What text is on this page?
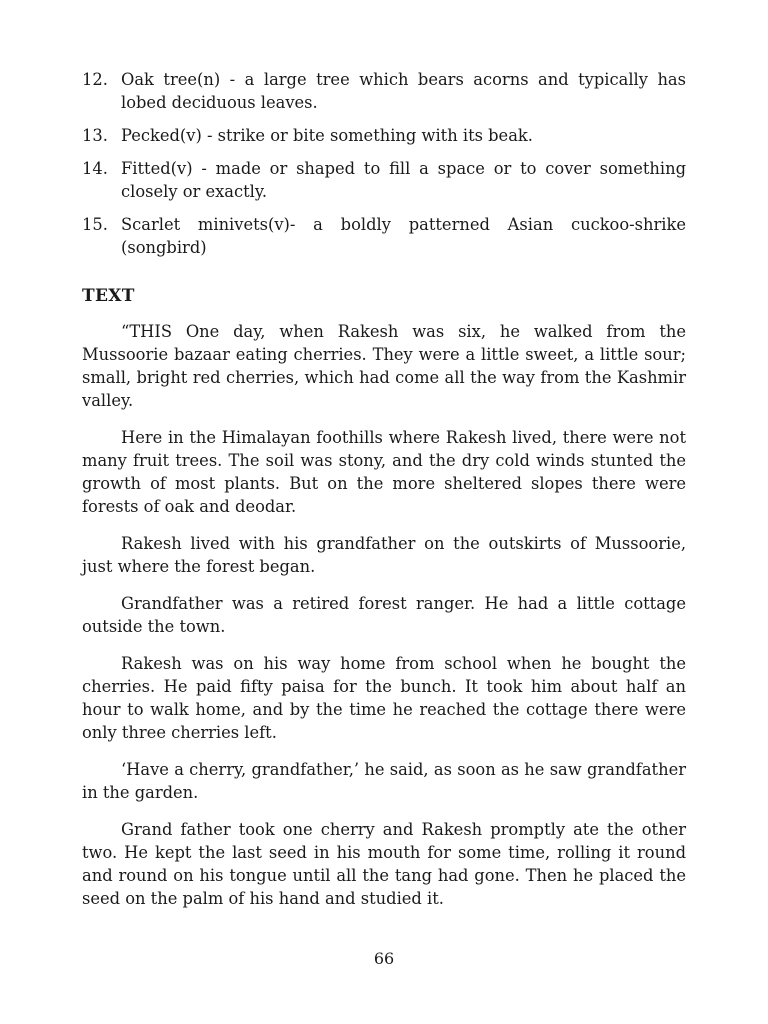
12. Oak tree(n) - a large tree which bears acorns and typically has lobed deciduous leaves.
13. Pecked(v) - strike or bite something with its beak.
14. Fitted(v) - made or shaped to fill a space or to cover something closely or exactly.
15. Scarlet minivets(v)- a boldly patterned Asian cuckoo-shrike (songbird)
TEXT

“THIS One day, when Rakesh was six, he walked from the Mussoorie bazaar eating cherries. They were a little sweet, a little sour; small, bright red cherries, which had come all the way from the Kashmir valley.

Here in the Himalayan foothills where Rakesh lived, there were not many fruit trees. The soil was stony, and the dry cold winds stunted the growth of most plants. But on the more sheltered slopes there were forests of oak and deodar.

Rakesh lived with his grandfather on the outskirts of Mussoorie, just where the forest began.

Grandfather was a retired forest ranger. He had a little cottage outside the town.

Rakesh was on his way home from school when he bought the cherries. He paid fifty paisa for the bunch. It took him about half an hour to walk home, and by the time he reached the cottage there were only three cherries left.

‘Have a cherry, grandfather,’ he said, as soon as he saw grandfather in the garden.

Grand father took one cherry and Rakesh promptly ate the other two. He kept the last seed in his mouth for some time, rolling it round and round on his tongue until all the tang had gone. Then he placed the seed on the palm of his hand and studied it.

66
